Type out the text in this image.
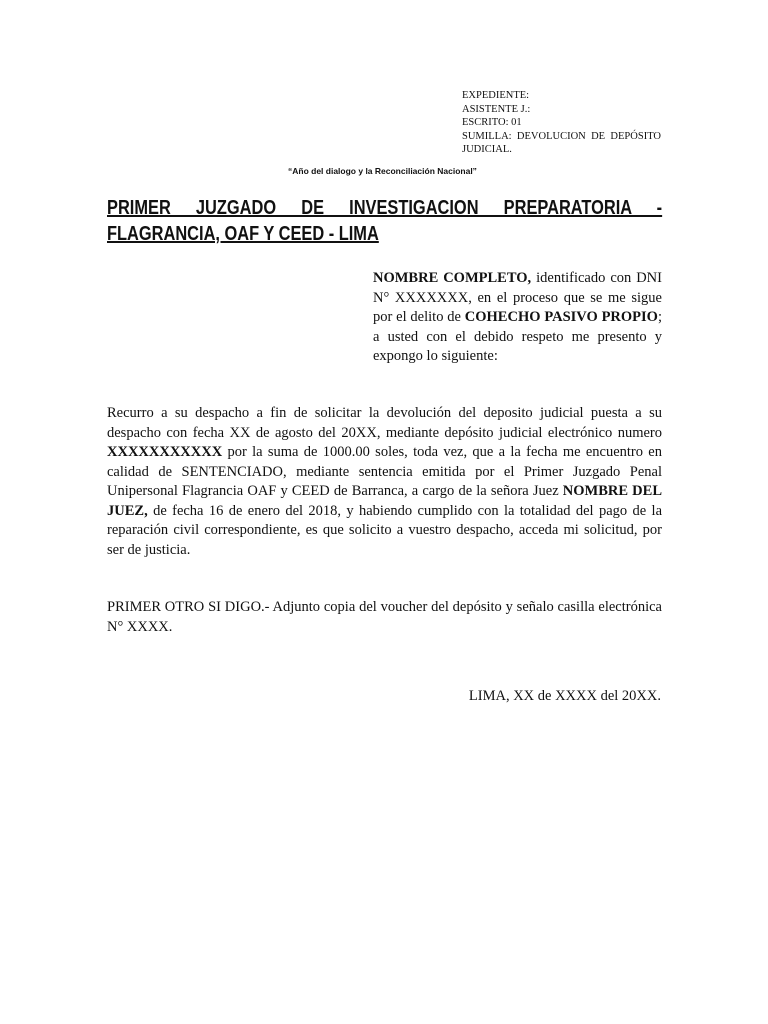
EXPEDIENTE:
ASISTENTE J.:
ESCRITO: 01
SUMILLA: DEVOLUCION DE DEPÓSITO JUDICIAL.
“Año del dialogo y la Reconciliación Nacional”
PRIMER JUZGADO DE INVESTIGACION PREPARATORIA -
FLAGRANCIA, OAF Y CEED - LIMA
NOMBRE COMPLETO, identificado con DNI N° XXXXXXX, en el proceso que se me sigue por el delito de COHECHO PASIVO PROPIO; a usted con el debido respeto me presento y expongo lo siguiente:
Recurro a su despacho a fin de solicitar la devolución del deposito judicial puesta a su despacho con fecha XX de agosto del 20XX, mediante depósito judicial electrónico numero XXXXXXXXXXX por la suma de 1000.00 soles, toda vez, que a la fecha me encuentro en calidad de SENTENCIADO, mediante sentencia emitida por el Primer Juzgado Penal Unipersonal Flagrancia OAF y CEED de Barranca, a cargo de la señora Juez NOMBRE DEL JUEZ, de fecha 16 de enero del 2018, y habiendo cumplido con la totalidad del pago de la reparación civil correspondiente, es que solicito a vuestro despacho, acceda mi solicitud, por ser de justicia.
PRIMER OTRO SI DIGO.- Adjunto copia del voucher del depósito y señalo casilla electrónica N° XXXX.
LIMA, XX de XXXX del 20XX.
